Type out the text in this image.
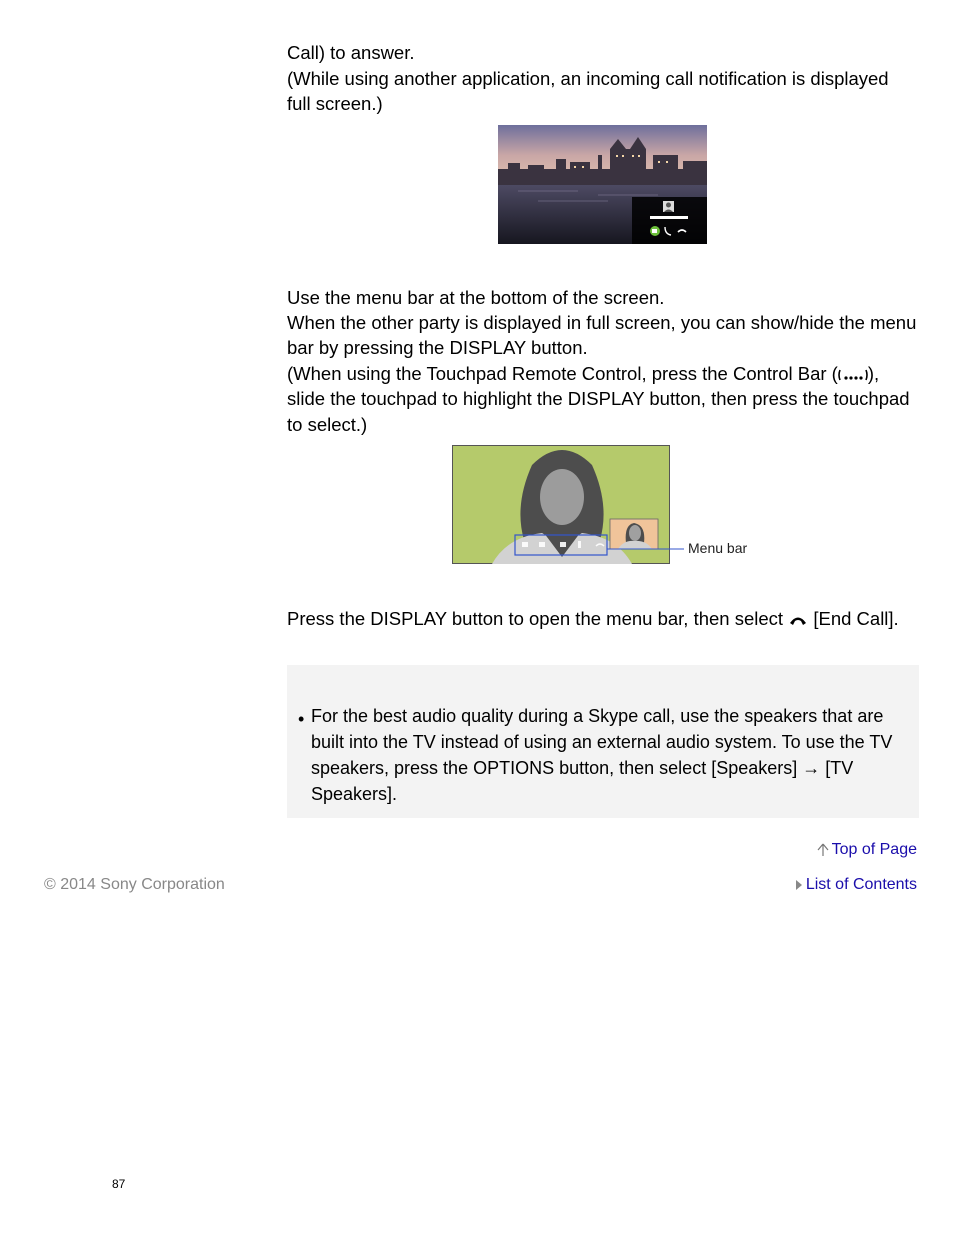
Call) to answer.

(While using another application, an incoming call notification is displayed full screen.)

Use the menu bar at the bottom of the screen.

When the other party is displayed in full screen, you can show/hide the menu bar by pressing the DISPLAY button.

(When using the Touchpad Remote Control, press the Control Bar ( ), slide the touchpad to highlight the DISPLAY button, then press the touchpad to select.)

Menu bar

Press the DISPLAY button to open the menu bar, then select  [End Call].

• For the best audio quality during a Skype call, use the speakers that are built into the TV instead of using an external audio system. To use the TV speakers, press the OPTIONS button, then select [Speakers] → [TV Speakers].

Top of Page
List of Contents
© 2014 Sony Corporation
87
